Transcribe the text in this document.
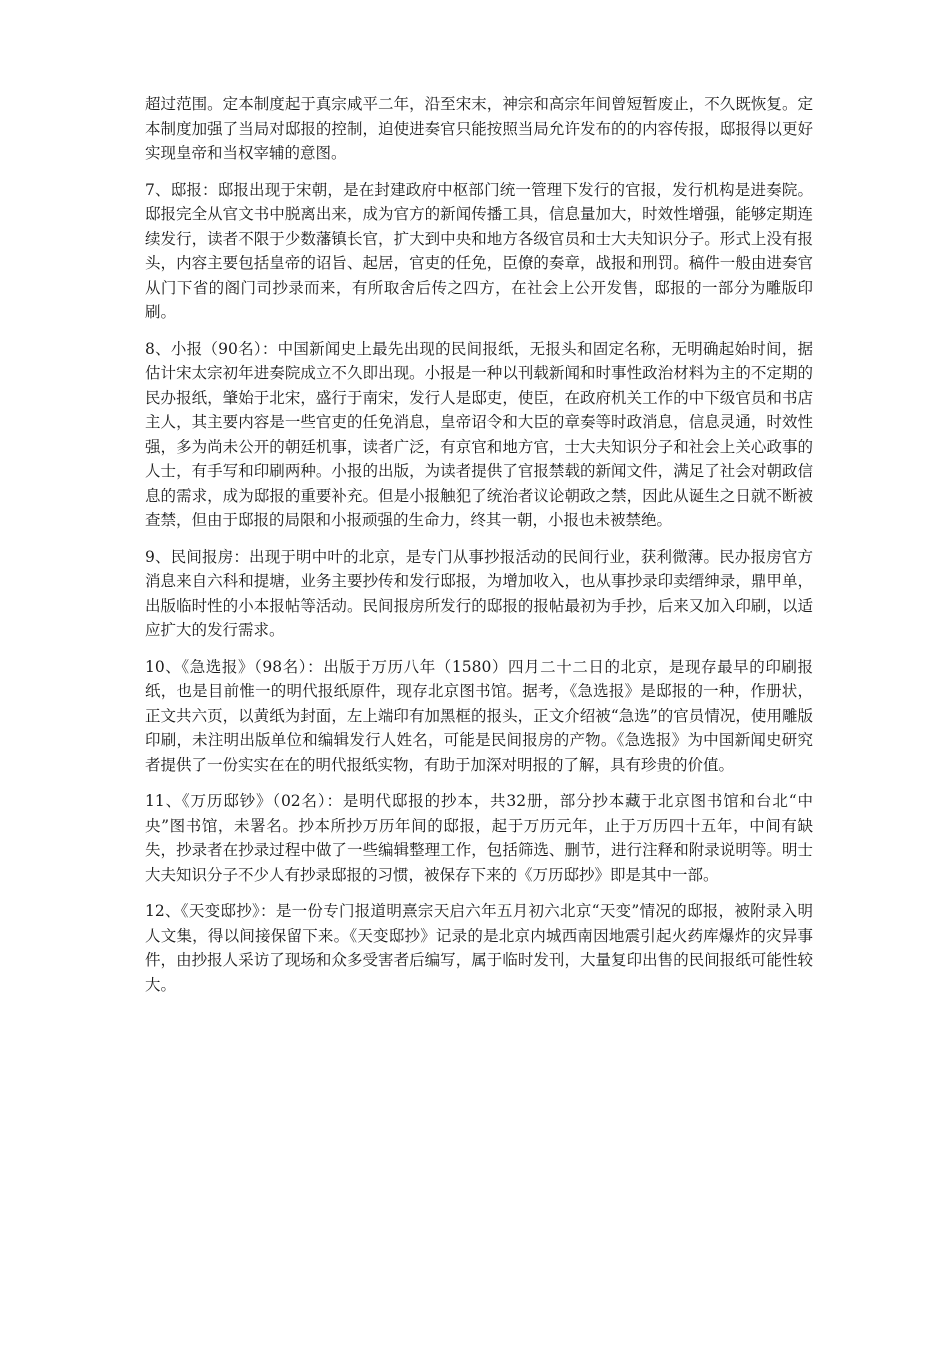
超过范围。定本制度起于真宗咸平二年，沿至宋末，神宗和高宗年间曾短暂废止，不久既恢复。定本制度加强了当局对邸报的控制，迫使进奏官只能按照当局允许发布的的内容传报，邸报得以更好实现皇帝和当权宰辅的意图。

7、邸报：邸报出现于宋朝，是在封建政府中枢部门统一管理下发行的官报，发行机构是进奏院。邸报完全从官文书中脱离出来，成为官方的新闻传播工具，信息量加大，时效性增强，能够定期连续发行，读者不限于少数藩镇长官，扩大到中央和地方各级官员和士大夫知识分子。形式上没有报头，内容主要包括皇帝的诏旨、起居，官吏的任免，臣僚的奏章，战报和刑罚。稿件一般由进奏官从门下省的阁门司抄录而来，有所取舍后传之四方，在社会上公开发售，邸报的一部分为雕版印刷。

8、小报（90名）：中国新闻史上最先出现的民间报纸，无报头和固定名称，无明确起始时间，据估计宋太宗初年进奏院成立不久即出现。小报是一种以刊载新闻和时事性政治材料为主的不定期的民办报纸，肇始于北宋，盛行于南宋，发行人是邸吏，使臣，在政府机关工作的中下级官员和书店主人，其主要内容是一些官吏的任免消息，皇帝诏令和大臣的章奏等时政消息，信息灵通，时效性强，多为尚未公开的朝廷机事，读者广泛，有京官和地方官，士大夫知识分子和社会上关心政事的人士，有手写和印刷两种。小报的出版，为读者提供了官报禁载的新闻文件，满足了社会对朝政信息的需求，成为邸报的重要补充。但是小报触犯了统治者议论朝政之禁，因此从诞生之日就不断被查禁，但由于邸报的局限和小报顽强的生命力，终其一朝，小报也未被禁绝。

9、民间报房：出现于明中叶的北京，是专门从事抄报活动的民间行业，获利微薄。民办报房官方消息来自六科和提塘，业务主要抄传和发行邸报，为增加收入，也从事抄录印卖缙绅录，鼎甲单，出版临时性的小本报帖等活动。民间报房所发行的邸报的报帖最初为手抄，后来又加入印刷，以适应扩大的发行需求。

10、《急选报》（98名）：出版于万历八年（1580）四月二十二日的北京，是现存最早的印刷报纸，也是目前惟一的明代报纸原件，现存北京图书馆。据考，《急选报》是邸报的一种，作册状，正文共六页，以黄纸为封面，左上端印有加黑框的报头，正文介绍被“急选”的官员情况，使用雕版印刷，未注明出版单位和编辑发行人姓名，可能是民间报房的产物。《急选报》为中国新闻史研究者提供了一份实实在在的明代报纸实物，有助于加深对明报的了解，具有珍贵的价值。

11、《万历邸钞》（02名）：是明代邸报的抄本，共32册，部分抄本藏于北京图书馆和台北“中央”图书馆，未署名。抄本所抄万历年间的邸报，起于万历元年，止于万历四十五年，中间有缺失，抄录者在抄录过程中做了一些编辑整理工作，包括筛选、删节，进行注释和附录说明等。明士大夫知识分子不少人有抄录邸报的习惯，被保存下来的《万历邸抄》即是其中一部。

12、《天变邸抄》：是一份专门报道明熹宗天启六年五月初六北京“天变”情况的邸报，被附录入明人文集，得以间接保留下来。《天变邸抄》记录的是北京内城西南因地震引起火药库爆炸的灾异事件，由抄报人采访了现场和众多受害者后编写，属于临时发刊，大量复印出售的民间报纸可能性较大。
